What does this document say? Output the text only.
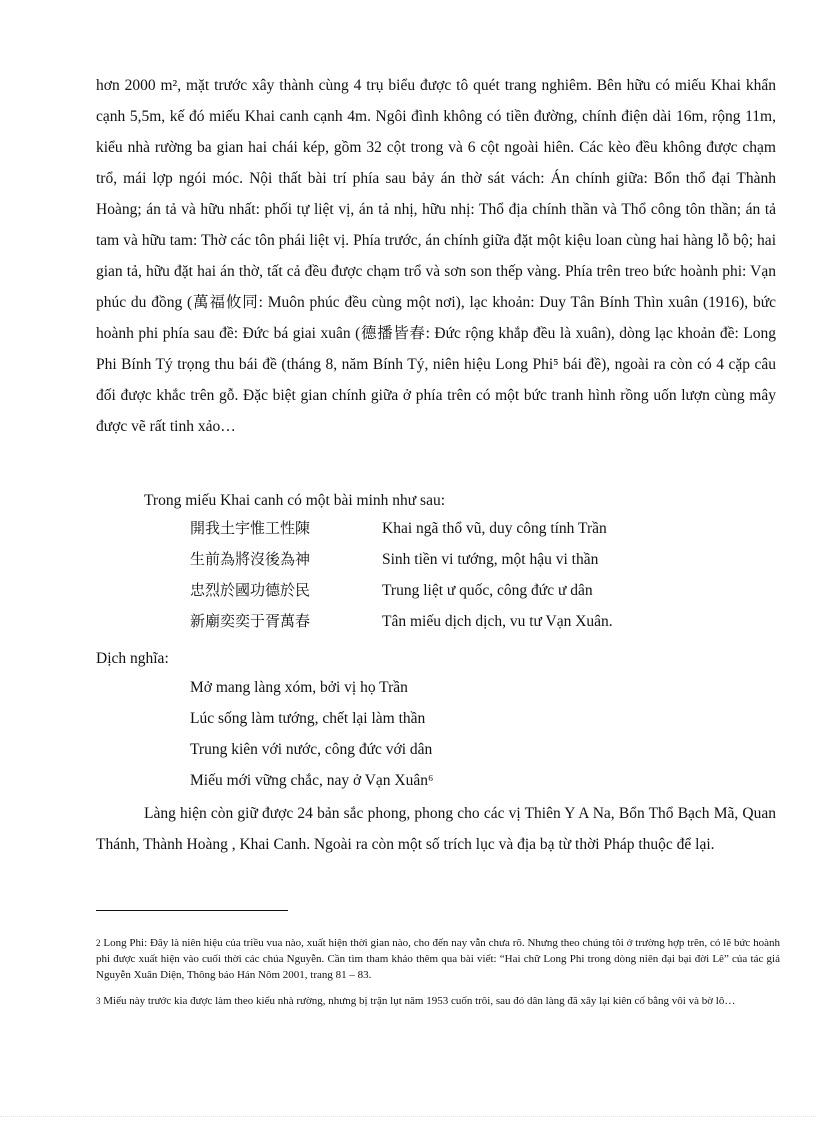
hơn 2000 m², mặt trước xây thành cùng 4 trụ biểu được tô quét trang nghiêm. Bên hữu có miếu Khai khẩn cạnh 5,5m, kế đó miếu Khai canh cạnh 4m. Ngôi đình không có tiền đường, chính điện dài 16m, rộng 11m, kiểu nhà rường ba gian hai chái kép, gồm 32 cột trong và 6 cột ngoài hiên. Các kèo đều không được chạm trổ, mái lợp ngói móc. Nội thất bài trí phía sau bảy án thờ sát vách: Án chính giữa: Bổn thổ đại Thành Hoàng; án tả và hữu nhất: phối tự liệt vị, án tả nhị, hữu nhị: Thổ địa chính thần và Thổ công tôn thần; án tả tam và hữu tam: Thờ các tôn phái liệt vị. Phía trước, án chính giữa đặt một kiệu loan cùng hai hàng lỗ bộ; hai gian tả, hữu đặt hai án thờ, tất cả đều được chạm trổ và sơn son thếp vàng. Phía trên treo bức hoành phi: Vạn phúc du đồng (萬福攸同: Muôn phúc đều cùng một nơi), lạc khoản: Duy Tân Bính Thìn xuân (1916), bức hoành phi phía sau đề: Đức bá giai xuân (德播皆春: Đức rộng khắp đều là xuân), dòng lạc khoản đề: Long Phi Bính Tý trọng thu bái đề (tháng 8, năm Bính Tý, niên hiệu Long Phi⁵ bái đề), ngoài ra còn có 4 cặp câu đối được khắc trên gỗ. Đặc biệt gian chính giữa ở phía trên có một bức tranh hình rồng uốn lượn cùng mây được vẽ rất tinh xảo…

Trong miếu Khai canh có một bài minh như sau:
開我土宇惟工性陳	Khai ngã thổ vũ, duy công tính Trần
生前為將沒後為神	Sinh tiền vi tướng, một hậu vi thần
忠烈於國功德於民	Trung liệt ư quốc, công đức ư dân
新廟奕奕于胥萬春	Tân miếu dịch dịch, vu tư Vạn Xuân.
Dịch nghĩa:
Mở mang làng xóm, bởi vị họ Trần
Lúc sống làm tướng, chết lại làm thần
Trung kiên với nước, công đức với dân
Miếu mới vững chắc, nay ở Vạn Xuân⁶

Làng hiện còn giữ được 24 bản sắc phong, phong cho các vị Thiên Y A Na, Bổn Thổ Bạch Mã, Quan Thánh, Thành Hoàng , Khai Canh. Ngoài ra còn một số trích lục và địa bạ từ thời Pháp thuộc để lại.

2 Long Phi: Đây là niên hiệu của triều vua nào, xuất hiện thời gian nào, cho đến nay vẫn chưa rõ. Nhưng theo chúng tôi ở trường hợp trên, có lẽ bức hoành phi được xuất hiện vào cuối thời các chúa Nguyễn. Cần tìm tham khảo thêm qua bài viết: “Hai chữ Long Phi trong dòng niên đại bại đời Lê” của tác giả Nguyễn Xuân Diện, Thông báo Hán Nôm 2001, trang 81 – 83.

3 Miếu này trước kia được làm theo kiểu nhà rường, nhưng bị trận lụt năm 1953 cuốn trôi, sau đó dân làng đã xây lại kiên cố bằng vôi và bờ lô…
